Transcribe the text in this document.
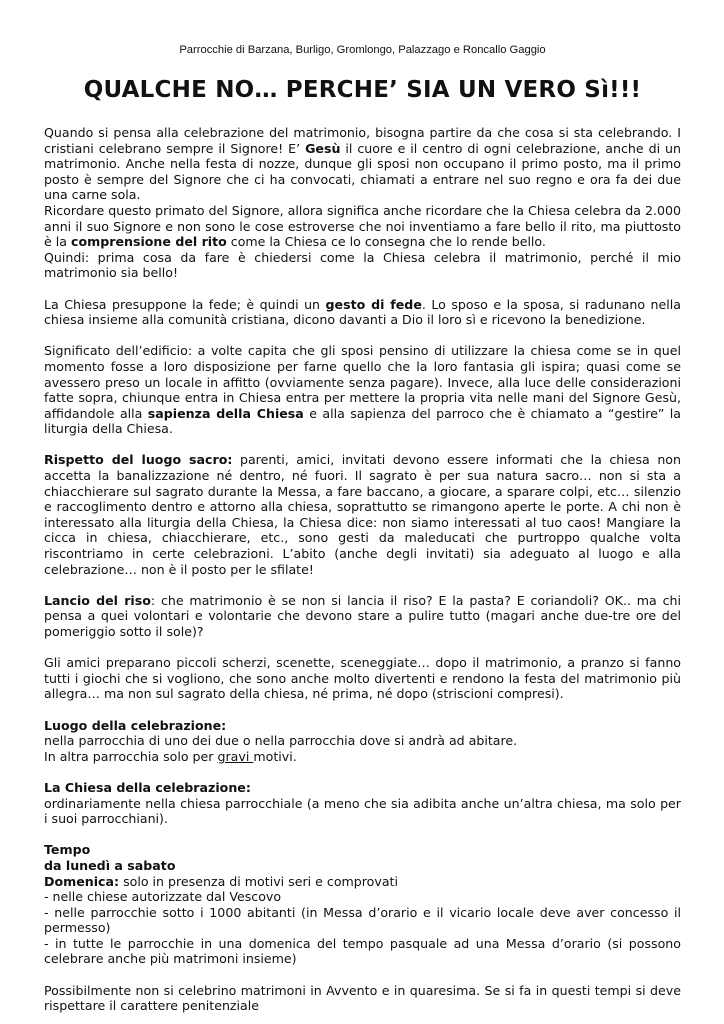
Parrocchie di Barzana, Burligo, Gromlongo, Palazzago e Roncallo Gaggio
QUALCHE NO… PERCHE’ SIA UN VERO Sì!!!

Quando si pensa alla celebrazione del matrimonio, bisogna partire da che cosa si sta celebrando. I cristiani celebrano sempre il Signore! E’ Gesù il cuore e il centro di ogni celebrazione, anche di un matrimonio. Anche nella festa di nozze, dunque gli sposi non occupano il primo posto, ma il primo posto è sempre del Signore che ci ha convocati, chiamati a entrare nel suo regno e ora fa dei due una carne sola.
Ricordare questo primato del Signore, allora significa anche ricordare che la Chiesa celebra da 2.000 anni il suo Signore e non sono le cose estroverse che noi inventiamo a fare bello il rito, ma piuttosto è la comprensione del rito come la Chiesa ce lo consegna che lo rende bello.
Quindi: prima cosa da fare è chiedersi come la Chiesa celebra il matrimonio, perché il mio matrimonio sia bello!

La Chiesa presuppone la fede; è quindi un gesto di fede. Lo sposo e la sposa, si radunano nella chiesa insieme alla comunità cristiana, dicono davanti a Dio il loro sì e ricevono la benedizione.

Significato dell’edificio: a volte capita che gli sposi pensino di utilizzare la chiesa come se in quel momento fosse a loro disposizione per farne quello che la loro fantasia gli ispira; quasi come se avessero preso un locale in affitto (ovviamente senza pagare). Invece, alla luce delle considerazioni fatte sopra, chiunque entra in Chiesa entra per mettere la propria vita nelle mani del Signore Gesù, affidandole alla sapienza della Chiesa e alla sapienza del parroco che è chiamato a “gestire” la liturgia della Chiesa.

Rispetto del luogo sacro: parenti, amici, invitati devono essere informati che la chiesa non accetta la banalizzazione né dentro, né fuori. Il sagrato è per sua natura sacro… non si sta a chiacchierare sul sagrato durante la Messa, a fare baccano, a giocare, a sparare colpi, etc… silenzio e raccoglimento dentro e attorno alla chiesa, soprattutto se rimangono aperte le porte. A chi non è interessato alla liturgia della Chiesa, la Chiesa dice: non siamo interessati al tuo caos! Mangiare la cicca in chiesa, chiacchierare, etc., sono gesti da maleducati che purtroppo qualche volta riscontriamo in certe celebrazioni. L’abito (anche degli invitati) sia adeguato al luogo e alla celebrazione… non è il posto per le sfilate!

Lancio del riso: che matrimonio è se non si lancia il riso? E la pasta? E coriandoli? OK.. ma chi pensa a quei volontari e volontarie che devono stare a pulire tutto (magari anche due-tre ore del pomeriggio sotto il sole)?

Gli amici preparano piccoli scherzi, scenette, sceneggiate… dopo il matrimonio, a pranzo si fanno tutti i giochi che si vogliono, che sono anche molto divertenti e rendono la festa del matrimonio più allegra… ma non sul sagrato della chiesa, né prima, né dopo (striscioni compresi).

Luogo della celebrazione:
nella parrocchia di uno dei due o nella parrocchia dove si andrà ad abitare.
In altra parrocchia solo per gravi motivi.

La Chiesa della celebrazione:
ordinariamente nella chiesa parrocchiale (a meno che sia adibita anche un’altra chiesa, ma solo per i suoi parrocchiani).

Tempo
da lunedì a sabato
Domenica: solo in presenza di motivi seri e comprovati
- nelle chiese autorizzate dal Vescovo
- nelle parrocchie sotto i 1000 abitanti (in Messa d’orario e il vicario locale deve aver concesso il permesso)
- in tutte le parrocchie in una domenica del tempo pasquale ad una Messa d’orario (si possono celebrare anche più matrimoni insieme)

Possibilmente non si celebrino matrimoni in Avvento e in quaresima. Se si fa in questi tempi si deve rispettare il carattere penitenziale
